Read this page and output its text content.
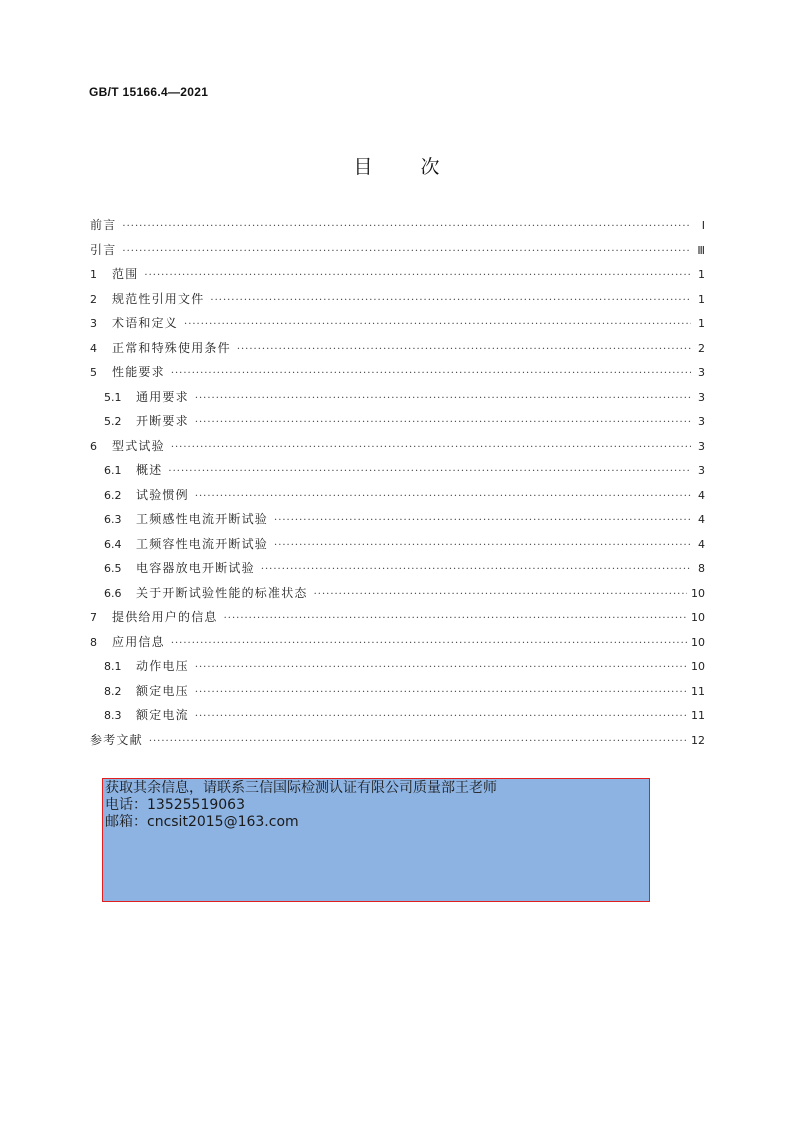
GB/T 15166.4—2021
目	次
前言 ·····	Ⅰ
引言 ·····	Ⅲ
1	范围 ·····	1
2	规范性引用文件 ·····	1
3	术语和定义 ·····	1
4	正常和特殊使用条件 ·····	2
5	性能要求 ·····	3
5.1	通用要求 ·····	3
5.2	开断要求 ·····	3
6	型式试验 ·····	3
6.1	概述 ·····	3
6.2	试验惯例 ·····	4
6.3	工频感性电流开断试验 ·····	4
6.4	工频容性电流开断试验 ·····	4
6.5	电容器放电开断试验 ·····	8
6.6	关于开断试验性能的标准状态 ·····	10
7	提供给用户的信息 ·····	10
8	应用信息 ·····	10
8.1	动作电压 ·····	10
8.2	额定电压 ·····	11
8.3	额定电流 ·····	11
参考文献 ·····	12
获取其余信息，请联系三信国际检测认证有限公司质量部王老师
电话：13525519063
邮箱：cncsit2015@163.com
